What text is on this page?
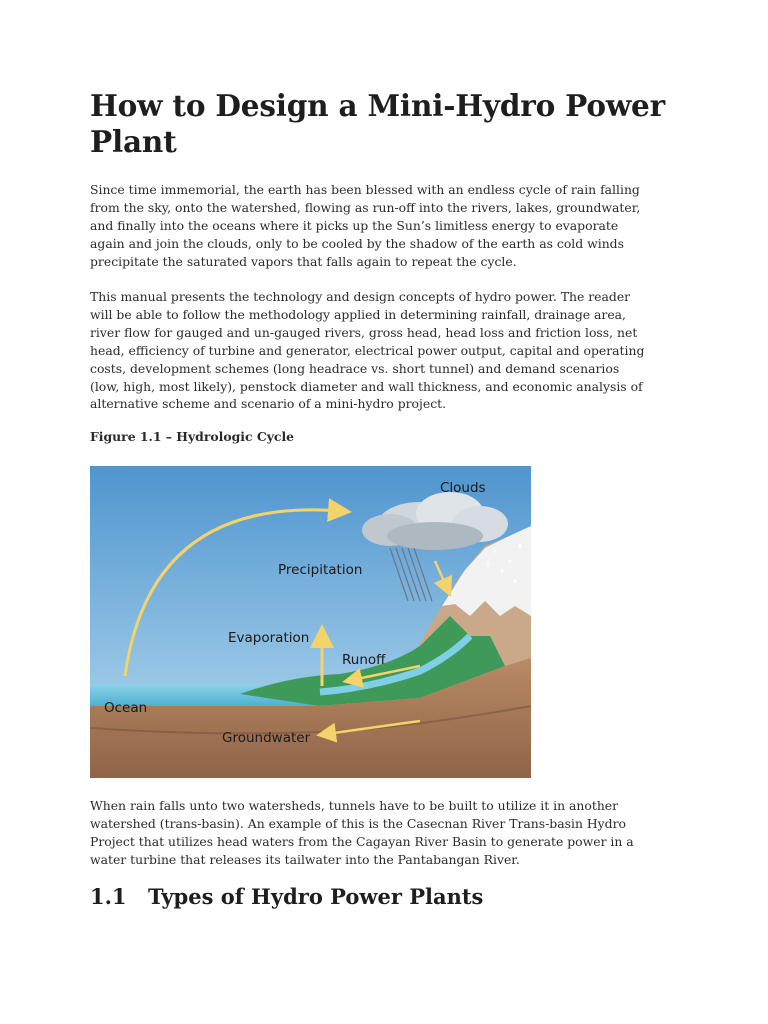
How to Design a Mini-Hydro Power Plant

Since time immemorial, the earth has been blessed with an endless cycle of rain falling
from the sky, onto the watershed, flowing as run-off into the rivers, lakes, groundwater,
and finally into the oceans where it picks up the Sun’s limitless energy to evaporate
again and join the clouds, only to be cooled by the shadow of the earth as cold winds
precipitate the saturated vapors that falls again to repeat the cycle.

This manual presents the technology and design concepts of hydro power. The reader
will be able to follow the methodology applied in determining rainfall, drainage area,
river flow for gauged and un-gauged rivers, gross head, head loss and friction loss, net
head, efficiency of turbine and generator, electrical power output, capital and operating
costs, development schemes (long headrace vs. short tunnel) and demand scenarios
(low, high, most likely), penstock diameter and wall thickness, and economic analysis of
alternative scheme and scenario of a mini-hydro project.

Figure 1.1 – Hydrologic Cycle

Clouds
Precipitation
Evaporation
Runoff
Ocean
Groundwater

When rain falls unto two watersheds, tunnels have to be built to utilize it in another
watershed (trans-basin). An example of this is the Casecnan River Trans-basin Hydro
Project that utilizes head waters from the Cagayan River Basin to generate power in a
water turbine that releases its tailwater into the Pantabangan River.

1.1 Types of Hydro Power Plants
